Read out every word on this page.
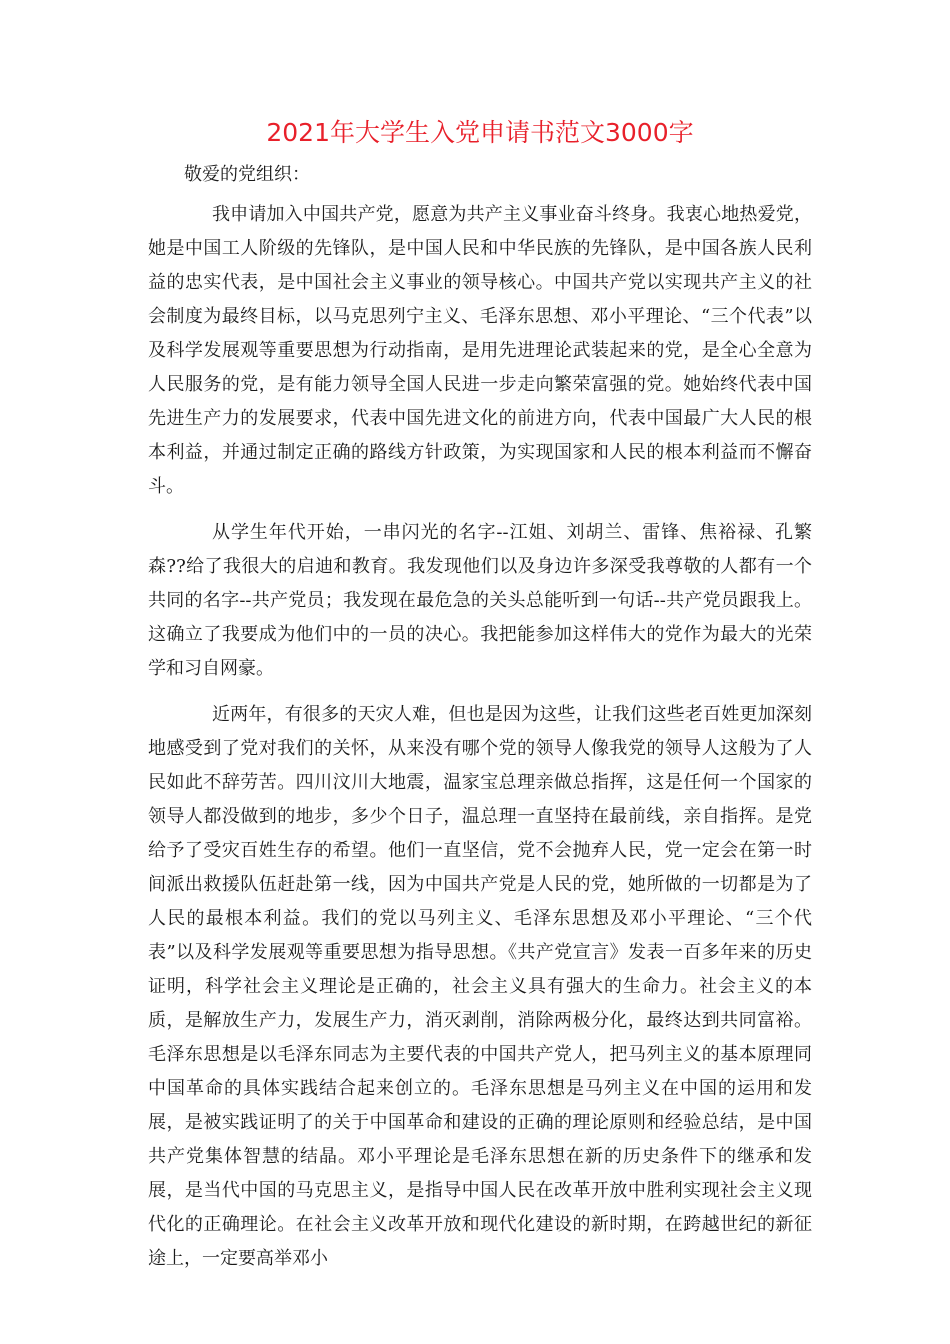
2021年大学生入党申请书范文3000字

敬爱的党组织：

我申请加入中国共产党，愿意为共产主义事业奋斗终身。我衷心地热爱党，她是中国工人阶级的先锋队，是中国人民和中华民族的先锋队，是中国各族人民利益的忠实代表，是中国社会主义事业的领导核心。中国共产党以实现共产主义的社会制度为最终目标，以马克思列宁主义、毛泽东思想、邓小平理论、“三个代表”以及科学发展观等重要思想为行动指南，是用先进理论武装起来的党，是全心全意为人民服务的党，是有能力领导全国人民进一步走向繁荣富强的党。她始终代表中国先进生产力的发展要求，代表中国先进文化的前进方向，代表中国最广大人民的根本利益，并通过制定正确的路线方针政策，为实现国家和人民的根本利益而不懈奋斗。

从学生年代开始，一串闪光的名字--江姐、刘胡兰、雷锋、焦裕禄、孔繁森??给了我很大的启迪和教育。我发现他们以及身边许多深受我尊敬的人都有一个共同的名字--共产党员；我发现在最危急的关头总能听到一句话--共产党员跟我上。这确立了我要成为他们中的一员的决心。我把能参加这样伟大的党作为最大的光荣学和习自网豪。

近两年，有很多的天灾人难，但也是因为这些，让我们这些老百姓更加深刻地感受到了党对我们的关怀，从来没有哪个党的领导人像我党的领导人这般为了人民如此不辞劳苦。四川汶川大地震，温家宝总理亲做总指挥，这是任何一个国家的领导人都没做到的地步，多少个日子，温总理一直坚持在最前线，亲自指挥。是党给予了受灾百姓生存的希望。他们一直坚信，党不会抛弃人民，党一定会在第一时间派出救援队伍赶赴第一线，因为中国共产党是人民的党，她所做的一切都是为了人民的最根本利益。我们的党以马列主义、毛泽东思想及邓小平理论、“三个代表”以及科学发展观等重要思想为指导思想。《共产党宣言》发表一百多年来的历史证明，科学社会主义理论是正确的，社会主义具有强大的生命力。社会主义的本质，是解放生产力，发展生产力，消灭剥削，消除两极分化，最终达到共同富裕。毛泽东思想是以毛泽东同志为主要代表的中国共产党人，把马列主义的基本原理同中国革命的具体实践结合起来创立的。毛泽东思想是马列主义在中国的运用和发展，是被实践证明了的关于中国革命和建设的正确的理论原则和经验总结，是中国共产党集体智慧的结晶。邓小平理论是毛泽东思想在新的历史条件下的继承和发展，是当代中国的马克思主义，是指导中国人民在改革开放中胜利实现社会主义现代化的正确理论。在社会主义改革开放和现代化建设的新时期，在跨越世纪的新征途上，一定要高举邓小
